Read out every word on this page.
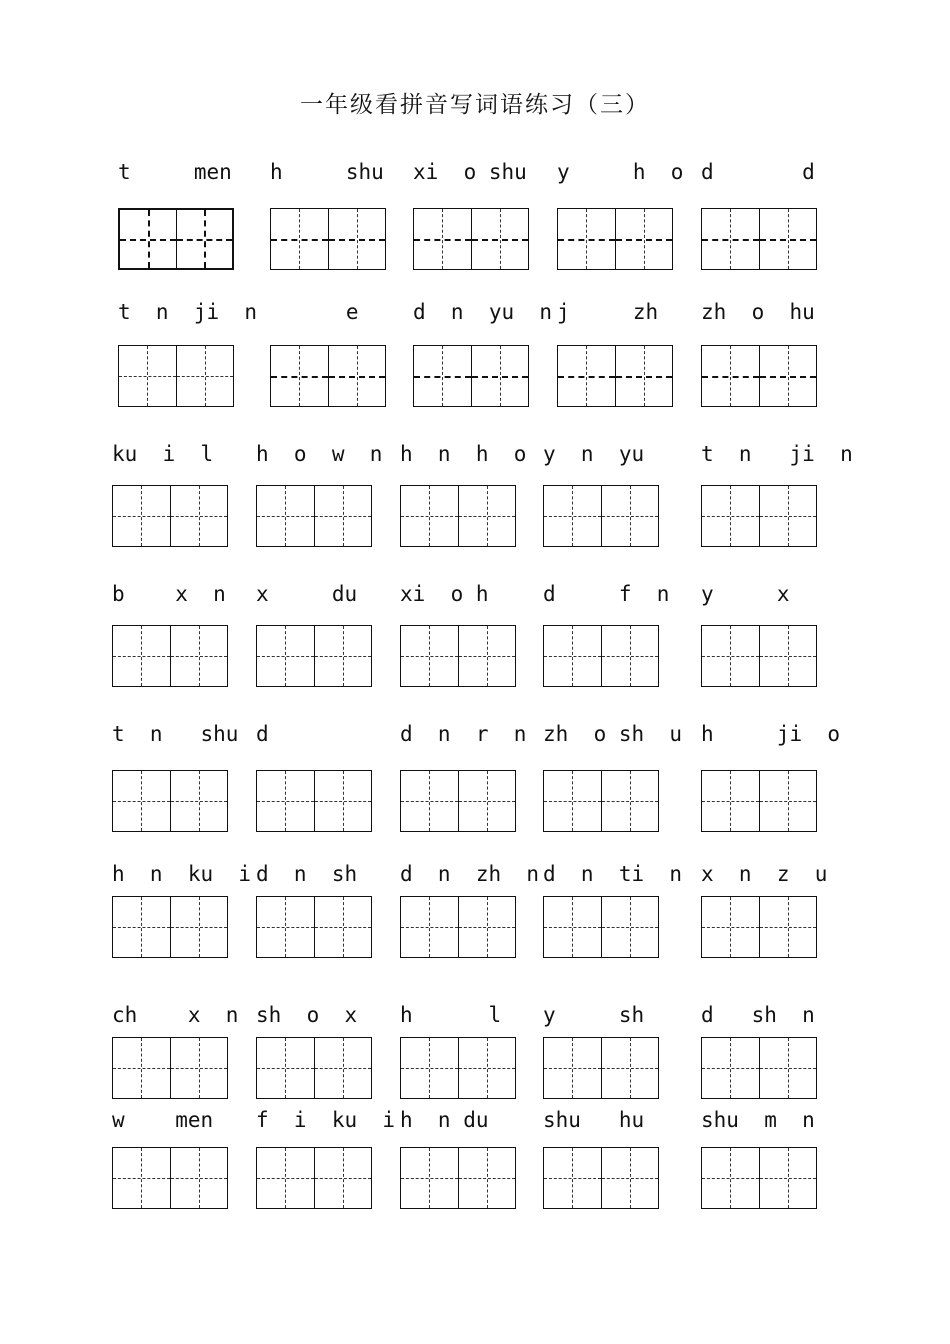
一年级看拼音写词语练习（三）
t     men	h     shu xi  o shu y     h  o d       d
t  n  ji  n e	d  n  yu  n j     zh	zh  o  hu
ku  i  l	h  o  w  n h  n  h  o y  n  yu	t  n   ji  n
b    x  n x     du	xi  o h	d     f  n y     x
t  n   shu d	d  n  r  n zh  o sh  u h     ji  o
h  n  ku  i d  n  sh	d  n  zh  n
d  n  ti  n x  n  z  u
ch    x  n sh  o  x	h      l	y     sh	d   sh  n
w    men	f  i  ku  i h  n du	shu   hu	shu  m  n
